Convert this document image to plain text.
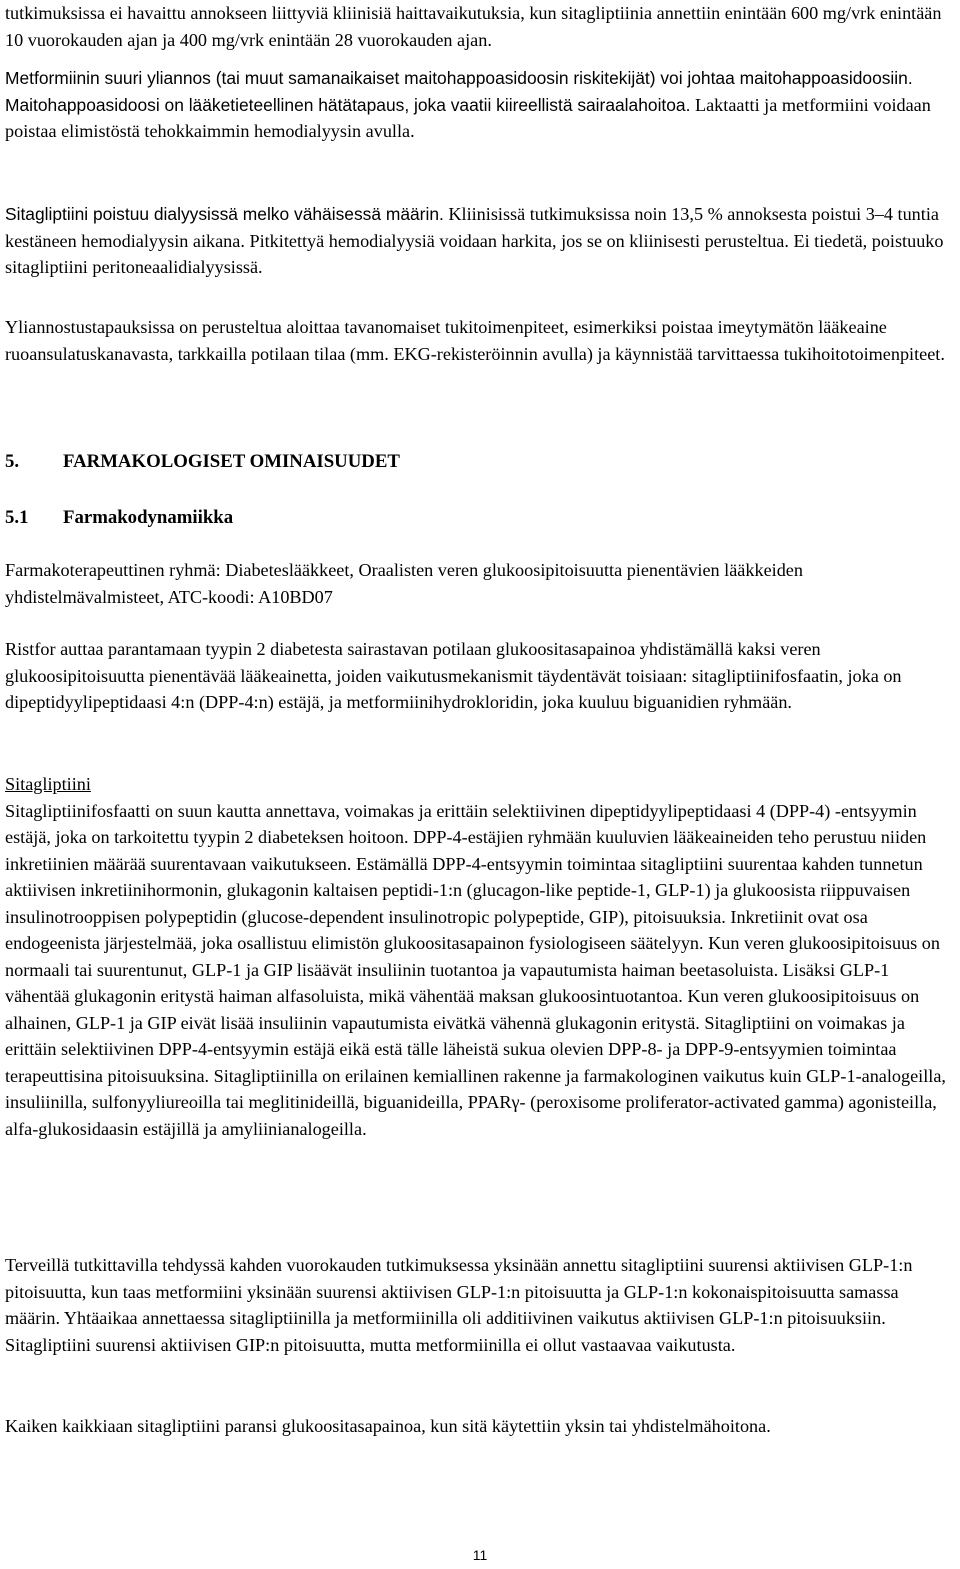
tutkimuksissa ei havaittu annokseen liittyviä kliinisiä haittavaikutuksia, kun sitagliptiinia annettiin enintään 600 mg/vrk enintään 10 vuorokauden ajan ja 400 mg/vrk enintään 28 vuorokauden ajan.

Metformiinin suuri yliannos (tai muut samanaikaiset maitohappoasidoosin riskitekijät) voi johtaa maitohappoasidoosiin. Maitohappoasidoosi on lääketieteellinen hätätapaus, joka vaatii kiireellistä sairaalahoitoa. Laktaatti ja metformiini voidaan poistaa elimistöstä tehokkaimmin hemodialyysin avulla.

Sitagliptiini poistuu dialyysissä melko vähäisessä määrin. Kliinisissä tutkimuksissa noin 13,5 % annoksesta poistui 3–4 tuntia kestäneen hemodialyysin aikana. Pitkitettyä hemodialyysiä voidaan harkita, jos se on kliinisesti perusteltua. Ei tiedetä, poistuuko sitagliptiini peritoneaalidialyysissä.

Yliannostustapauksissa on perusteltua aloittaa tavanomaiset tukitoimenpiteet, esimerkiksi poistaa imeytymätön lääkeaine ruoansulatuskanavasta, tarkkailla potilaan tilaa (mm. EKG-rekisteröinnin avulla) ja käynnistää tarvittaessa tukihoitotoimenpiteet.

5. FARMAKOLOGISET OMINAISUUDET
5.1 Farmakodynamiikka

Farmakoterapeuttinen ryhmä: Diabeteslääkkeet, Oraalisten veren glukoosipitoisuutta pienentävien lääkkeiden yhdistelmävalmisteet, ATC-koodi: A10BD07

Ristfor auttaa parantamaan tyypin 2 diabetesta sairastavan potilaan glukoositasapainoa yhdistämällä kaksi veren glukoosipitoisuutta pienentävää lääkeainetta, joiden vaikutusmekanismit täydentävät toisiaan: sitagliptiinifosfaatin, joka on dipeptidyylipeptidaasi 4:n (DPP-4:n) estäjä, ja metformiinihydrokloridin, joka kuuluu biguanidien ryhmään.

Sitagliptiini

Sitagliptiinifosfaatti on suun kautta annettava, voimakas ja erittäin selektiivinen dipeptidyylipeptidaasi 4 (DPP-4) -entsyymin estäjä, joka on tarkoitettu tyypin 2 diabeteksen hoitoon. DPP-4-estäjien ryhmään kuuluvien lääkeaineiden teho perustuu niiden inkretiinien määrää suurentavaan vaikutukseen. Estämällä DPP-4-entsyymin toimintaa sitagliptiini suurentaa kahden tunnetun aktiivisen inkretiinihormonin, glukagonin kaltaisen peptidi-1:n (glucagon-like peptide-1, GLP-1) ja glukoosista riippuvaisen insulinotrooppisen polypeptidin (glucose-dependent insulinotropic polypeptide, GIP), pitoisuuksia. Inkretiinit ovat osa endogeenista järjestelmää, joka osallistuu elimistön glukoositasapainon fysiologiseen säätelyyn. Kun veren glukoosipitoisuus on normaali tai suurentunut, GLP-1 ja GIP lisäävät insuliinin tuotantoa ja vapautumista haiman beetasoluista. Lisäksi GLP-1 vähentää glukagonin eritystä haiman alfasoluista, mikä vähentää maksan glukoosintuotantoa. Kun veren glukoosipitoisuus on alhainen, GLP-1 ja GIP eivät lisää insuliinin vapautumista eivätkä vähennä glukagonin eritystä. Sitagliptiini on voimakas ja erittäin selektiivinen DPP-4-entsyymin estäjä eikä estä tälle läheistä sukua olevien DPP-8- ja DPP-9-entsyymien toimintaa terapeuttisina pitoisuuksina. Sitagliptiinilla on erilainen kemiallinen rakenne ja farmakologinen vaikutus kuin GLP-1-analogeilla, insuliinilla, sulfonyyliureoilla tai meglitinideillä, biguanideilla, PPARγ- (peroxisome proliferator-activated gamma) agonisteilla, alfa-glukosidaasin estäjillä ja amyliinianalogeilla.

Terveillä tutkittavilla tehdyssä kahden vuorokauden tutkimuksessa yksinään annettu sitagliptiini suurensi aktiivisen GLP-1:n pitoisuutta, kun taas metformiini yksinään suurensi aktiivisen GLP-1:n pitoisuutta ja GLP-1:n kokonaispitoisuutta samassa määrin. Yhtäaikaa annettaessa sitagliptiinilla ja metformiinilla oli additiivinen vaikutus aktiivisen GLP-1:n pitoisuuksiin. Sitagliptiini suurensi aktiivisen GIP:n pitoisuutta, mutta metformiinilla ei ollut vastaavaa vaikutusta.

Kaiken kaikkiaan sitagliptiini paransi glukoositasapainoa, kun sitä käytettiin yksin tai yhdistelmähoitona.

11
